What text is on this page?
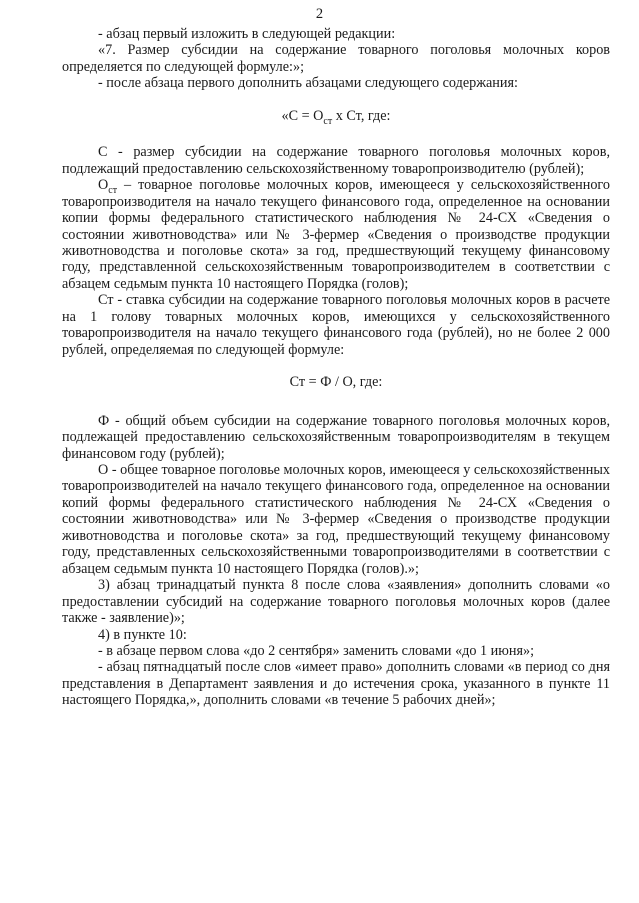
2

- абзац первый изложить в следующей редакции:

«7. Размер субсидии на содержание товарного поголовья молочных коров определяется по следующей формуле:»;

- после абзаца первого дополнить абзацами следующего содержания:

«$С = О_{ст}$ х Ст, где:

С - размер субсидии на содержание товарного поголовья молочных коров, подлежащий предоставлению сельскохозяйственному товаропроизводителю (рублей);

$О_{ст}$ – товарное поголовье молочных коров, имеющееся у сельскохозяйственного товаропроизводителя на начало текущего финансового года, определенное на основании копии формы федерального статистического наблюдения № 24-СХ «Сведения о состоянии животноводства» или № 3-фермер «Сведения о производстве продукции животноводства и поголовье скота» за год, предшествующий текущему финансовому году, представленной сельскохозяйственным товаропроизводителем в соответствии с абзацем седьмым пункта 10 настоящего Порядка (голов);

Ст - ставка субсидии на содержание товарного поголовья молочных коров в расчете на 1 голову товарных молочных коров, имеющихся у сельскохозяйственного товаропроизводителя на начало текущего финансового года (рублей), но не более 2 000 рублей, определяемая по следующей формуле:

Ст = Ф / О, где:

Ф - общий объем субсидии на содержание товарного поголовья молочных коров, подлежащей предоставлению сельскохозяйственным товаропроизводителям в текущем финансовом году (рублей);

О - общее товарное поголовье молочных коров, имеющееся у сельскохозяйственных товаропроизводителей на начало текущего финансового года, определенное на основании копий формы федерального статистического наблюдения № 24-СХ «Сведения о состоянии животноводства» или № 3-фермер «Сведения о производстве продукции животноводства и поголовье скота» за год, предшествующий текущему финансовому году, представленных сельскохозяйственными товаропроизводителями в соответствии с абзацем седьмым пункта 10 настоящего Порядка (голов).»;

3) абзац тринадцатый пункта 8 после слова «заявления» дополнить словами «о предоставлении субсидий на содержание товарного поголовья молочных коров (далее также - заявление)»;

4) в пункте 10:

- в абзаце первом слова «до 2 сентября» заменить словами «до 1 июня»;

- абзац пятнадцатый после слов «имеет право» дополнить словами «в период со дня представления в Департамент заявления и до истечения срока, указанного в пункте 11 настоящего Порядка,», дополнить словами «в течение 5 рабочих дней»;
